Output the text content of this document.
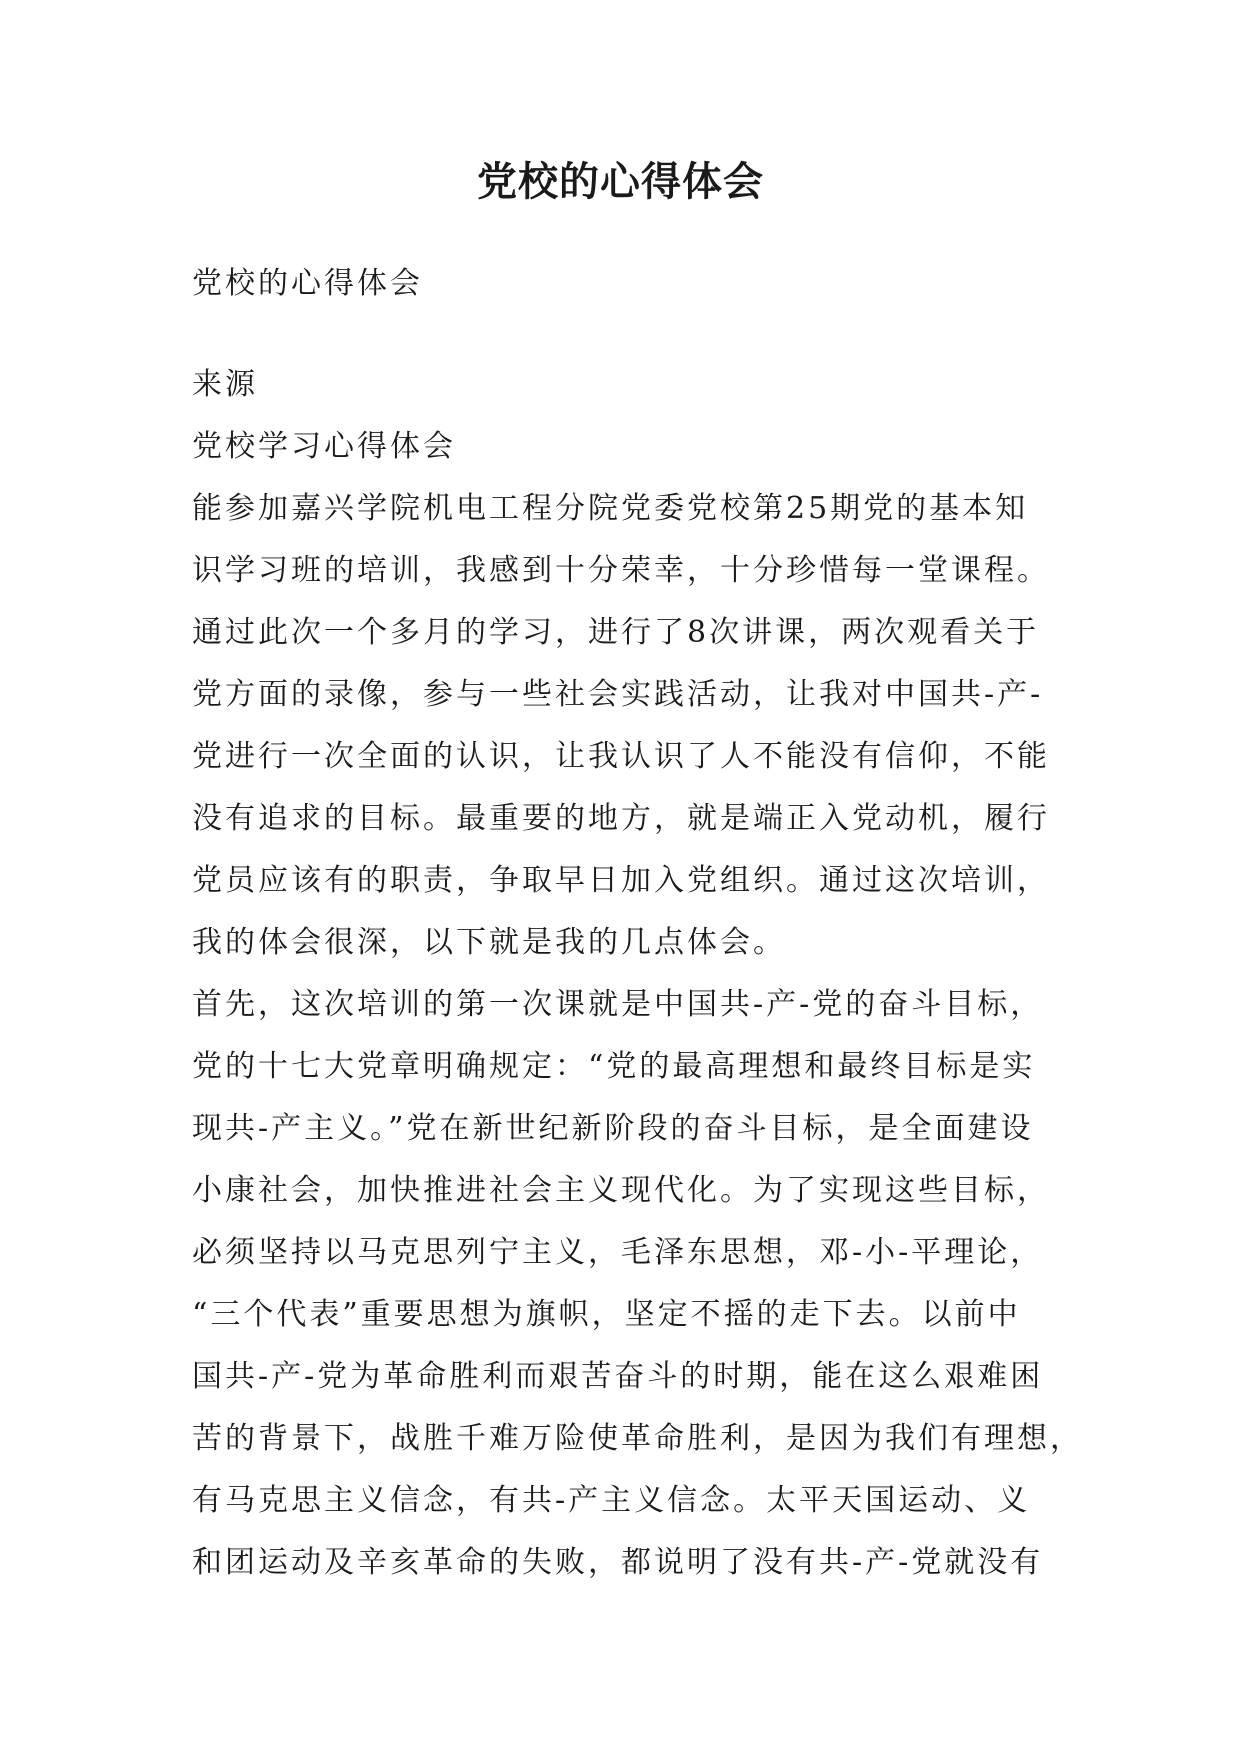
党校的心得体会
党校的心得体会
来源
党校学习心得体会
能参加嘉兴学院机电工程分院党委党校第25期党的基本知
识学习班的培训，我感到十分荣幸，十分珍惜每一堂课程。
通过此次一个多月的学习，进行了8次讲课，两次观看关于
党方面的录像，参与一些社会实践活动，让我对中国共-产-
党进行一次全面的认识，让我认识了人不能没有信仰，不能
没有追求的目标。最重要的地方，就是端正入党动机，履行
党员应该有的职责，争取早日加入党组织。通过这次培训，
我的体会很深，以下就是我的几点体会。
首先，这次培训的第一次课就是中国共-产-党的奋斗目标，
党的十七大党章明确规定：“党的最高理想和最终目标是实
现共-产主义。”党在新世纪新阶段的奋斗目标，是全面建设
小康社会，加快推进社会主义现代化。为了实现这些目标，
必须坚持以马克思列宁主义，毛泽东思想，邓-小-平理论，
“三个代表”重要思想为旗帜，坚定不摇的走下去。以前中
国共-产-党为革命胜利而艰苦奋斗的时期，能在这么艰难困
苦的背景下，战胜千难万险使革命胜利，是因为我们有理想，
有马克思主义信念，有共-产主义信念。太平天国运动、义
和团运动及辛亥革命的失败，都说明了没有共-产-党就没有
